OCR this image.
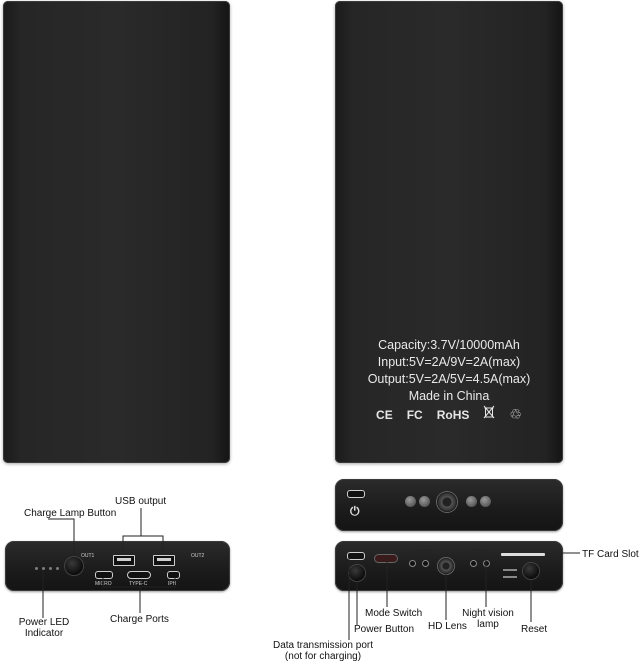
Capacity:3.7V/10000mAh
Input:5V=2A/9V=2A(max)
Output:5V=2A/5V=4.5A(max)
Made in China
CE FC RoHS	♲
OUT1	OUT2
MICRO	TYPE-C	IPH
⏻
USB output
Charge Lamp Button
Power LED
Indicator
Charge Ports
TF Card Slot
Mode Switch	Night vision
lamp
Power Button HD Lens	Reset
Data transmission port
(not for charging)
